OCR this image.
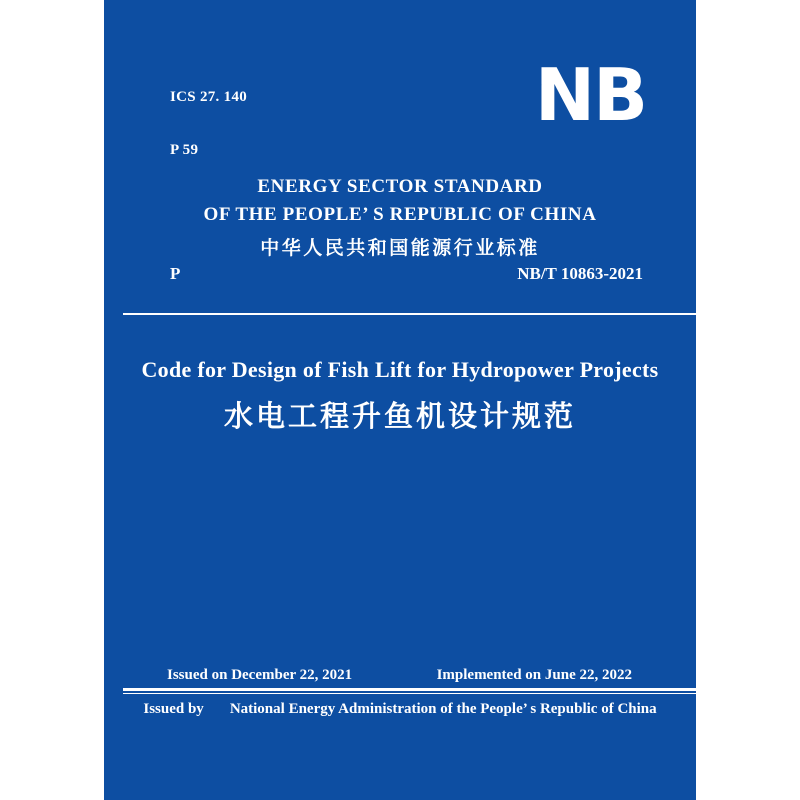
ICS 27. 140

P 59

NB
ENERGY SECTOR STANDARD
OF THE PEOPLE’ S REPUBLIC OF CHINA
中华人民共和国能源行业标准
P	NB/T 10863-2021
Code for Design of Fish Lift for Hydropower Projects
水电工程升鱼机设计规范
Issued on December 22, 2021	Implemented on June 22, 2022
Issued by National Energy Administration of the People’ s Republic of China
